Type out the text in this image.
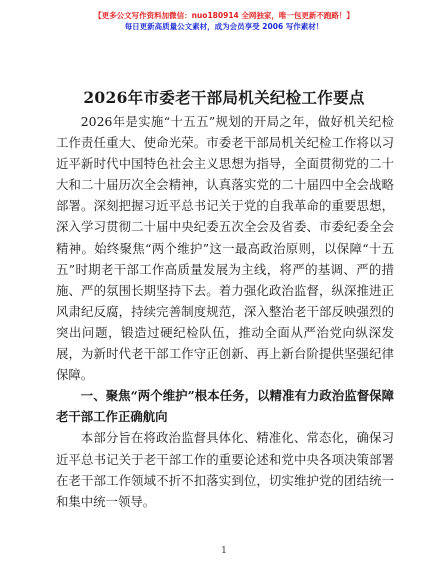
【更多公文写作资料加微信：nuo180914 全网独家，唯一包更新不跑路！】
每日更新高质量公文素材，成为会员享受 2006 写作素材！
2026年市委老干部局机关纪检工作要点

2026年是实施“十五五”规划的开局之年，做好机关纪检工作责任重大、使命光荣。市委老干部局机关纪检工作将以习近平新时代中国特色社会主义思想为指导，全面贯彻党的二十大和二十届历次全会精神，认真落实党的二十届四中全会战略部署。深刻把握习近平总书记关于党的自我革命的重要思想，深入学习贯彻二十届中央纪委五次全会及省委、市委纪委全会精神。始终聚焦“两个维护”这一最高政治原则，以保障“十五五”时期老干部工作高质量发展为主线，将严的基调、严的措施、严的氛围长期坚持下去。着力强化政治监督，纵深推进正风肃纪反腐，持续完善制度规范，深入整治老干部反映强烈的突出问题，锻造过硬纪检队伍，推动全面从严治党向纵深发展，为新时代老干部工作守正创新、再上新台阶提供坚强纪律保障。

一、聚焦“两个维护”根本任务，以精准有力政治监督保障老干部工作正确航向

本部分旨在将政治监督具体化、精准化、常态化，确保习近平总书记关于老干部工作的重要论述和党中央各项决策部署在老干部工作领域不折不扣落实到位，切实维护党的团结统一和集中统一领导。

1
